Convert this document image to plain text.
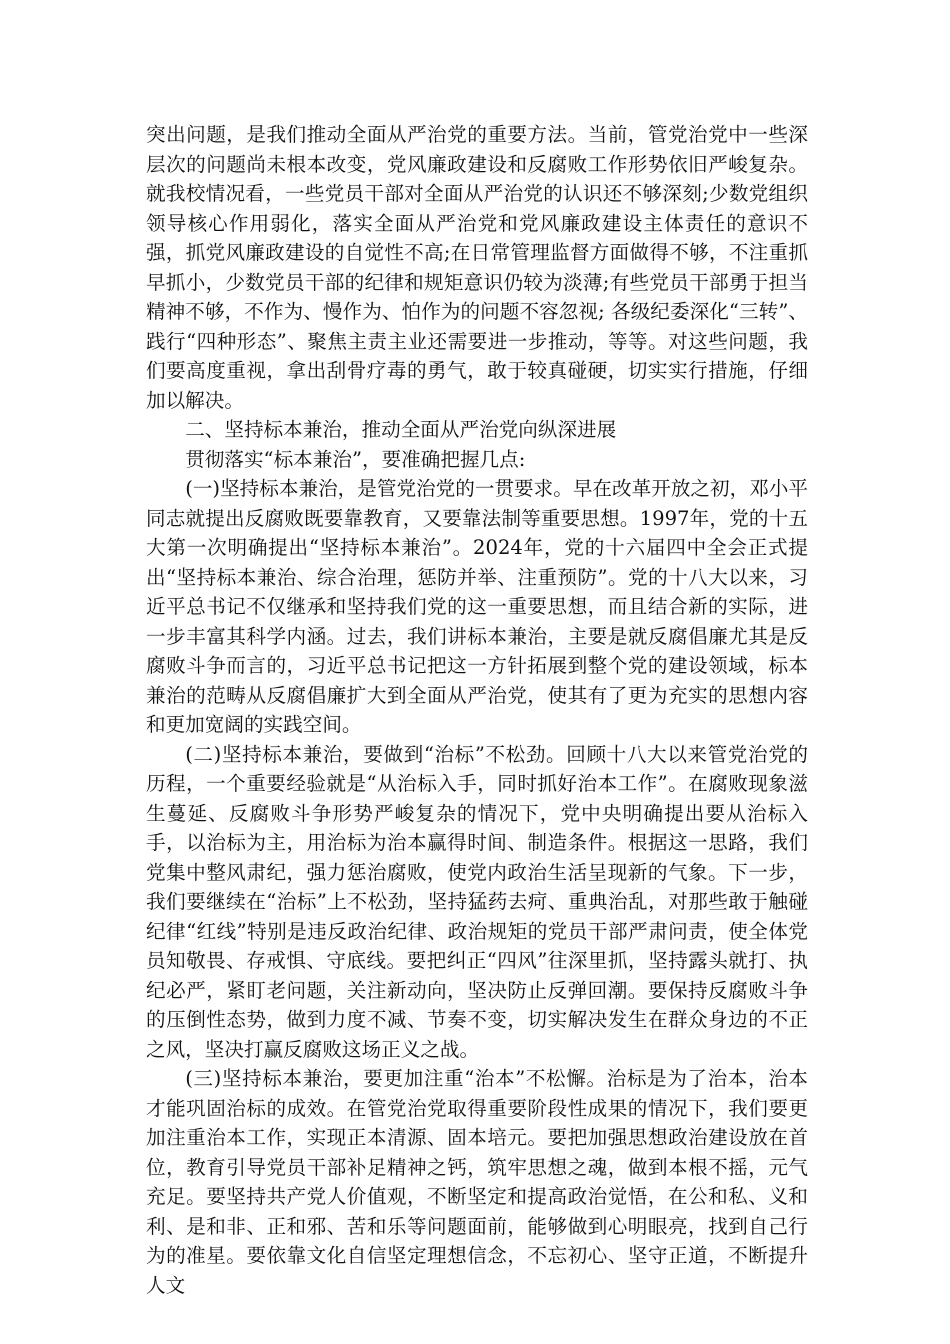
突出问题，是我们推动全面从严治党的重要方法。当前，管党治党中一些深层次的问题尚未根本改变，党风廉政建设和反腐败工作形势依旧严峻复杂。就我校情况看，一些党员干部对全面从严治党的认识还不够深刻;少数党组织领导核心作用弱化，落实全面从严治党和党风廉政建设主体责任的意识不强，抓党风廉政建设的自觉性不高;在日常管理监督方面做得不够，不注重抓早抓小，少数党员干部的纪律和规矩意识仍较为淡薄;有些党员干部勇于担当精神不够，不作为、慢作为、怕作为的问题不容忽视; 各级纪委深化“三转”、践行“四种形态”、聚焦主责主业还需要进一步推动，等等。对这些问题，我们要高度重视，拿出刮骨疗毒的勇气，敢于较真碰硬，切实实行措施，仔细加以解决。

二、坚持标本兼治，推动全面从严治党向纵深进展

贯彻落实“标本兼治”，要准确把握几点:

(一)坚持标本兼治，是管党治党的一贯要求。早在改革开放之初，邓小平同志就提出反腐败既要靠教育，又要靠法制等重要思想。1997年，党的十五大第一次明确提出“坚持标本兼治”。2024年，党的十六届四中全会正式提出“坚持标本兼治、综合治理，惩防并举、注重预防”。党的十八大以来，习近平总书记不仅继承和坚持我们党的这一重要思想，而且结合新的实际，进一步丰富其科学内涵。过去，我们讲标本兼治，主要是就反腐倡廉尤其是反腐败斗争而言的，习近平总书记把这一方针拓展到整个党的建设领域，标本兼治的范畴从反腐倡廉扩大到全面从严治党，使其有了更为充实的思想内容和更加宽阔的实践空间。

(二)坚持标本兼治，要做到“治标”不松劲。回顾十八大以来管党治党的历程，一个重要经验就是“从治标入手，同时抓好治本工作”。在腐败现象滋生蔓延、反腐败斗争形势严峻复杂的情况下，党中央明确提出要从治标入手，以治标为主，用治标为治本赢得时间、制造条件。根据这一思路，我们党集中整风肃纪，强力惩治腐败，使党内政治生活呈现新的气象。下一步，我们要继续在“治标”上不松劲，坚持猛药去疴、重典治乱，对那些敢于触碰纪律“红线”特别是违反政治纪律、政治规矩的党员干部严肃问责，使全体党员知敬畏、存戒惧、守底线。要把纠正“四风”往深里抓，坚持露头就打、执纪必严，紧盯老问题，关注新动向，坚决防止反弹回潮。要保持反腐败斗争的压倒性态势，做到力度不减、节奏不变，切实解决发生在群众身边的不正之风，坚决打赢反腐败这场正义之战。

(三)坚持标本兼治，要更加注重“治本”不松懈。治标是为了治本，治本才能巩固治标的成效。在管党治党取得重要阶段性成果的情况下，我们要更加注重治本工作，实现正本清源、固本培元。要把加强思想政治建设放在首位，教育引导党员干部补足精神之钙，筑牢思想之魂，做到本根不摇，元气充足。要坚持共产党人价值观，不断坚定和提高政治觉悟，在公和私、义和利、是和非、正和邪、苦和乐等问题面前，能够做到心明眼亮，找到自己行为的准星。要依靠文化自信坚定理想信念，不忘初心、坚守正道，不断提升人文
